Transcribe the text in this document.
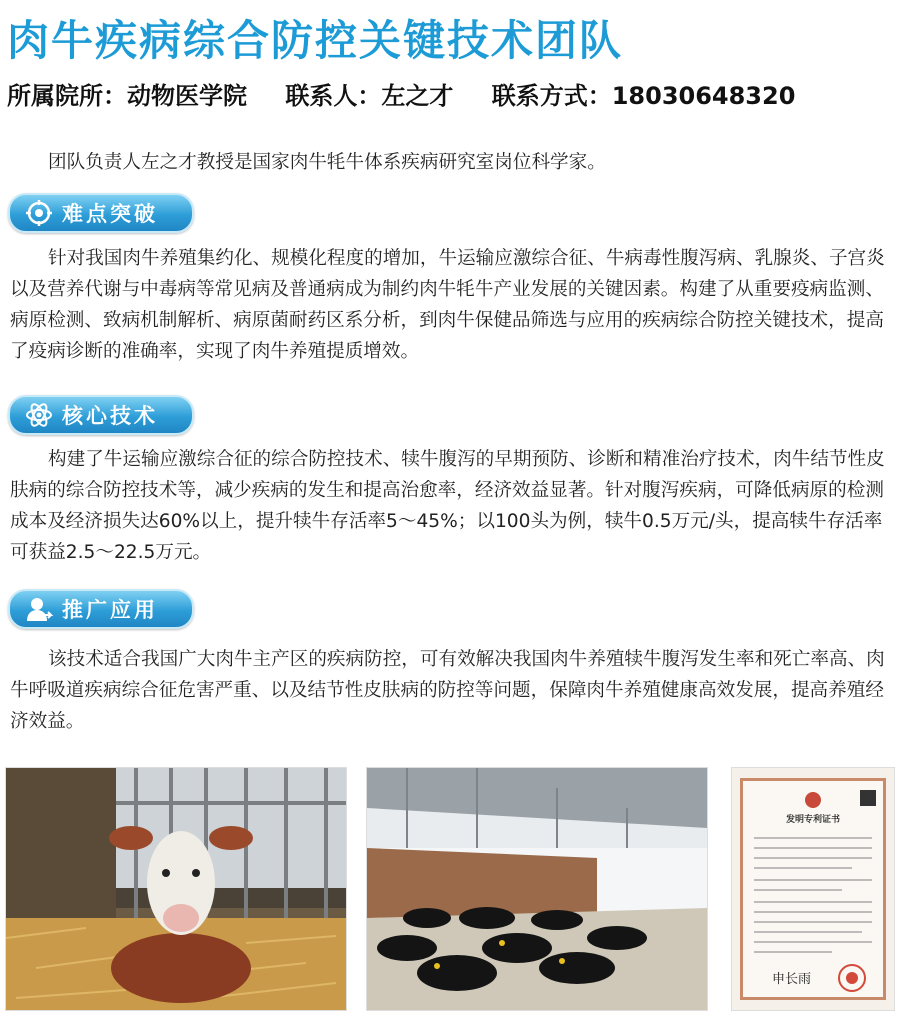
肉牛疾病综合防控关键技术团队
所属院所：动物医学院 联系人：左之才 联系方式：18030648320

团队负责人左之才教授是国家肉牛牦牛体系疾病研究室岗位科学家。

难点突破

针对我国肉牛养殖集约化、规模化程度的增加，牛运输应激综合征、牛病毒性腹泻病、乳腺炎、子宫炎以及营养代谢与中毒病等常见病及普通病成为制约肉牛牦牛产业发展的关键因素。构建了从重要疫病监测、病原检测、致病机制解析、病原菌耐药区系分析，到肉牛保健品筛选与应用的疾病综合防控关键技术，提高了疫病诊断的准确率，实现了肉牛养殖提质增效。

核心技术

构建了牛运输应激综合征的综合防控技术、犊牛腹泻的早期预防、诊断和精准治疗技术，肉牛结节性皮肤病的综合防控技术等，减少疾病的发生和提高治愈率，经济效益显著。针对腹泻疾病，可降低病原的检测成本及经济损失达60%以上，提升犊牛存活率5～45%；以100头为例，犊牛0.5万元/头，提高犊牛存活率可获益2.5～22.5万元。

推广应用

该技术适合我国广大肉牛主产区的疾病防控，可有效解决我国肉牛养殖犊牛腹泻发生率和死亡率高、肉牛呼吸道疾病综合征危害严重、以及结节性皮肤病的防控等问题，保障肉牛养殖健康高效发展，提高养殖经济效益。

发明专利证书
申长雨
